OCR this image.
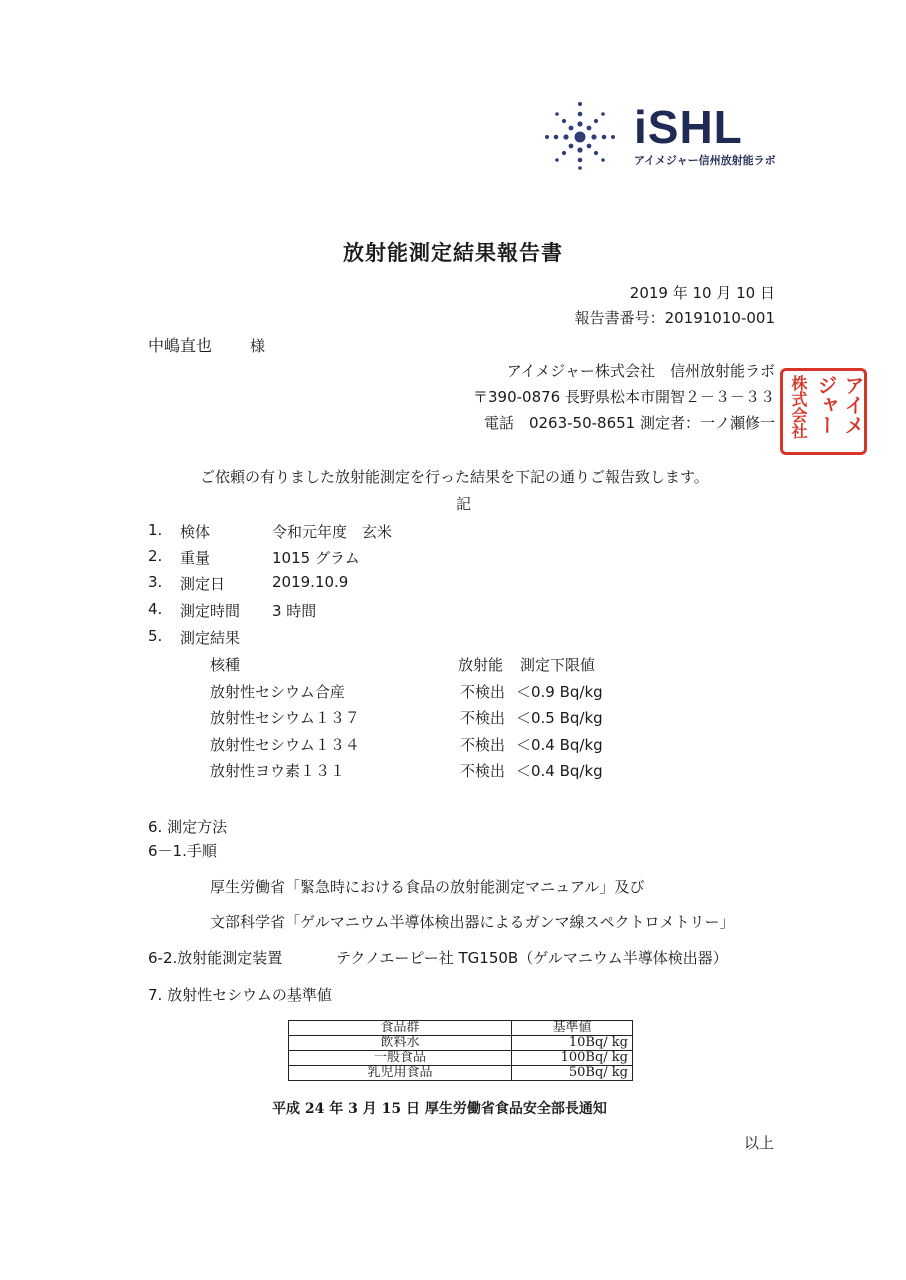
iSHL
アイメジャー信州放射能ラボ
放射能測定結果報告書
2019 年 10 月 10 日
報告書番号：20191010-001
中嶋直也	様
アイメジャー株式会社　信州放射能ラボ
〒390-0876 長野県松本市開智２－３－３３
電話　0263-50-8651 測定者：一ノ瀬修一	アイメ
ジャー
株式会社
ご依頼の有りました放射能測定を行った結果を下記の通りご報告致します。
記
1. 検体	令和元年度　玄米
2. 重量	1015 グラム
3. 測定日	2019.10.9
4. 測定時間 3 時間
5. 測定結果
核種	放射能 測定下限値
放射性セシウム合産	不検出 ＜0.9 Bq/kg
放射性セシウム１３７	不検出 ＜0.5 Bq/kg
放射性セシウム１３４	不検出 ＜0.4 Bq/kg
放射性ヨウ素１３１	不検出 ＜0.4 Bq/kg
6. 測定方法
6－1.手順
厚生労働省「緊急時における食品の放射能測定マニュアル」及び
文部科学省「ゲルマニウム半導体検出器によるガンマ線スペクトロメトリー」
6-2.放射能測定装置	テクノエーピー社 TG150B（ゲルマニウム半導体検出器）
7. 放射性セシウムの基準値
食品群	基準値
飲料水	10Bq/ kg
一般食品	100Bq/ kg
乳児用食品	50Bq/ kg
平成 24 年 3 月 15 日 厚生労働省食品安全部長通知
以上
